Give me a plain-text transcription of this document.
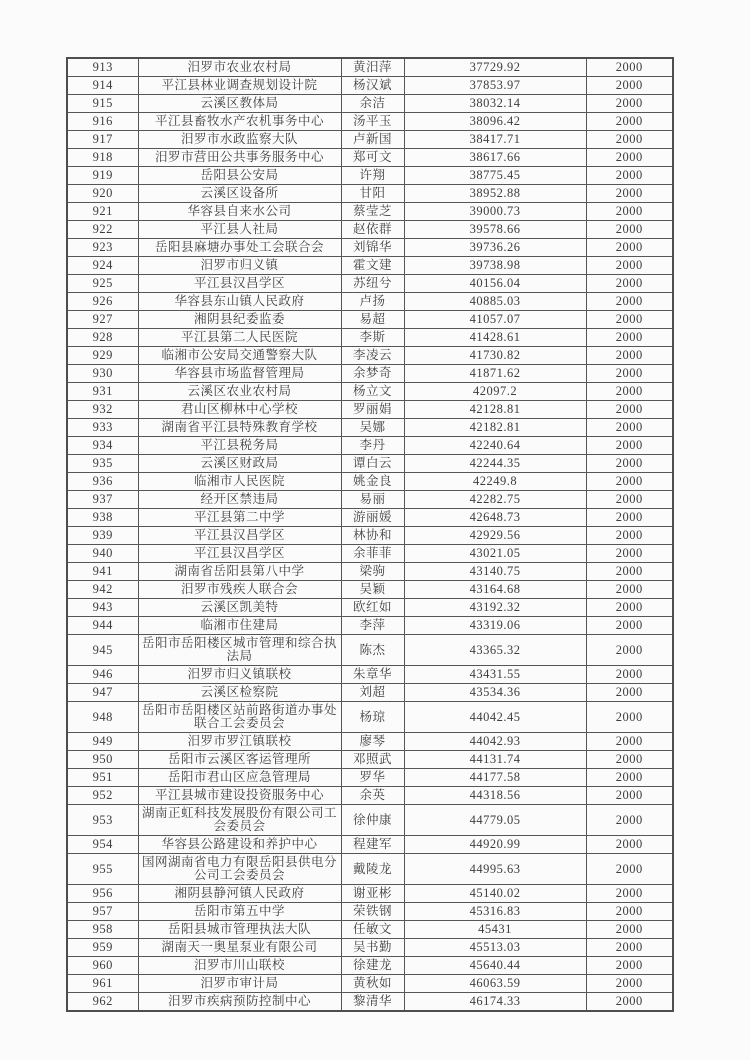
913	汨罗市农业农村局	黄汨萍	37729.92	2000
914	平江县林业调查规划设计院	杨汉斌	37853.97	2000
915	云溪区教体局	余洁	38032.14	2000
916	平江县畜牧水产农机事务中心	汤平玉	38096.42	2000
917	汨罗市水政监察大队	卢新国	38417.71	2000
918	汨罗市营田公共事务服务中心	郑可文	38617.66	2000
919	岳阳县公安局	许翔	38775.45	2000
920	云溪区设备所	甘阳	38952.88	2000
921	华容县自来水公司	蔡莹芝	39000.73	2000
922	平江县人社局	赵依群	39578.66	2000
923	岳阳县麻塘办事处工会联合会	刘锦华	39736.26	2000
924	汨罗市归义镇	霍文建	39738.98	2000
925	平江县汉昌学区	苏纽兮	40156.04	2000
926	华容县东山镇人民政府	卢扬	40885.03	2000
927	湘阴县纪委监委	易超	41057.07	2000
928	平江县第二人民医院	李斯	41428.61	2000
929	临湘市公安局交通警察大队	李凌云	41730.82	2000
930	华容县市场监督管理局	余梦奇	41871.62	2000
931	云溪区农业农村局	杨立文	42097.2	2000
932	君山区柳林中心学校	罗丽娟	42128.81	2000
933	湖南省平江县特殊教育学校	吴娜	42182.81	2000
934	平江县税务局	李丹	42240.64	2000
935	云溪区财政局	谭白云	42244.35	2000
936	临湘市人民医院	姚金良	42249.8	2000
937	经开区禁违局	易丽	42282.75	2000
938	平江县第二中学	游丽媛	42648.73	2000
939	平江县汉昌学区	林协和	42929.56	2000
940	平江县汉昌学区	余菲菲	43021.05	2000
941	湖南省岳阳县第八中学	梁驹	43140.75	2000
942	汨罗市残疾人联合会	吴颖	43164.68	2000
943	云溪区凯美特	欧红如	43192.32	2000
944	临湘市住建局	李萍	43319.06	2000
945	岳阳市岳阳楼区城市管理和综合执法局	陈杰	43365.32	2000
946	汨罗市归义镇联校	朱章华	43431.55	2000
947	云溪区检察院	刘超	43534.36	2000
948	岳阳市岳阳楼区站前路街道办事处联合工会委员会	杨琼	44042.45	2000
949	汨罗市罗江镇联校	廖琴	44042.93	2000
950	岳阳市云溪区客运管理所	邓照武	44131.74	2000
951	岳阳市君山区应急管理局	罗华	44177.58	2000
952	平江县城市建设投资服务中心	余英	44318.56	2000
953	湖南正虹科技发展股份有限公司工会委员会	徐仲康	44779.05	2000
954	华容县公路建设和养护中心	程建军	44920.99	2000
955	国网湖南省电力有限岳阳县供电分公司工会委员会	戴陵龙	44995.63	2000
956	湘阴县静河镇人民政府	谢亚彬	45140.02	2000
957	岳阳市第五中学	荣铁钢	45316.83	2000
958	岳阳县城市管理执法大队	任敏文	45431	2000
959	湖南天一奥星泵业有限公司	吴书勤	45513.03	2000
960	汨罗市川山联校	徐建龙	45640.44	2000
961	汨罗市审计局	黄秋如	46063.59	2000
962	汨罗市疾病预防控制中心	黎清华	46174.33	2000
